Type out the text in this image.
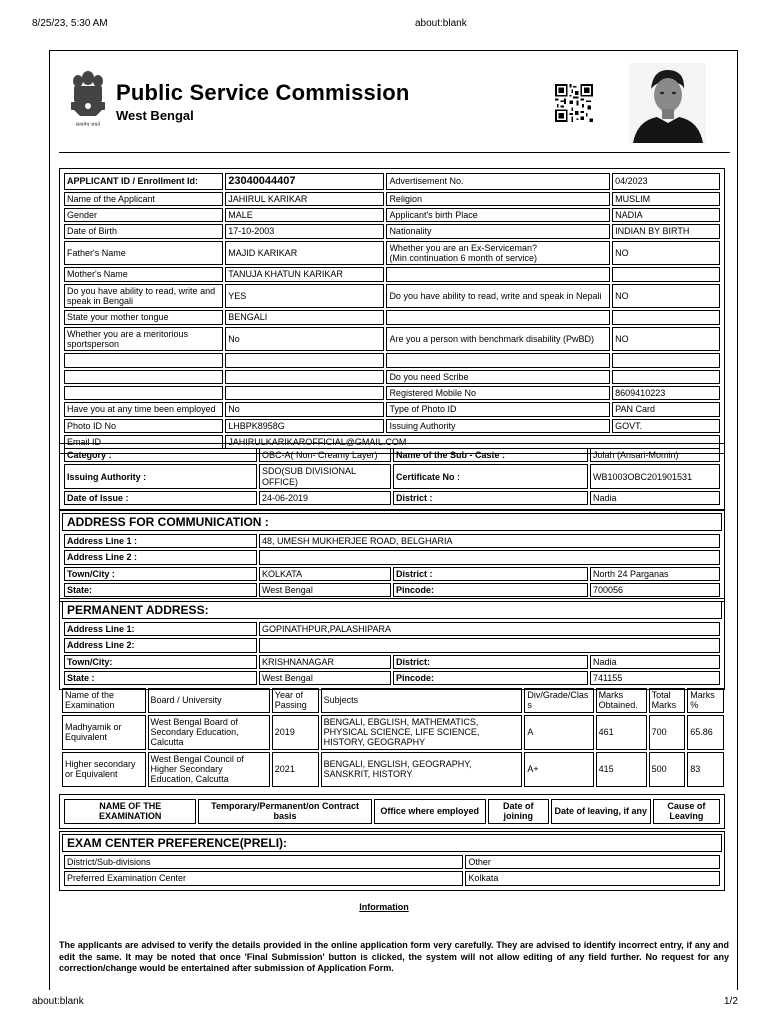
8/25/23, 5:30 AM	about:blank
सत्यमेव जयते
Public Service Commission
West Bengal
APPLICANT ID / Enrollment Id:	23040044407	Advertisement No.	04/2023
Name of the Applicant	JAHIRUL KARIKAR	Religion	MUSLIM
Gender	MALE	Applicant's birth Place	NADIA
Date of Birth	17-10-2003	Nationality	INDIAN BY BIRTH
Father's Name	MAJID KARIKAR	Whether you are an Ex-Serviceman?
(Min continuation 6 month of service)	NO
Mother's Name	TANUJA KHATUN KARIKAR		
Do you have ability to read, write and speak in Bengali	YES	Do you have ability to read, write and speak in Nepali	NO
State your mother tongue	BENGALI		
Whether you are a meritorious sportsperson	No	Are you a person with benchmark disability (PwBD)	NO

		Do you need Scribe	
		Registered Mobile No	8609410223
Have you at any time been employed	No	Type of Photo ID	PAN Card
Photo ID No	LHBPK8958G	Issuing Authority	GOVT.
Email ID	JAHIRULKARIKAROFFICIAL@GMAIL.COM		
Category :	OBC-A( Non- Creamy Layer)	Name of the Sub - Caste :	Jolah (Ansari-Momin)
Issuing Authority :	SDO(SUB DIVISIONAL OFFICE)	Certificate No :	WB1003OBC201901531
Date of Issue :	24-06-2019	District :	Nadia
ADDRESS FOR COMMUNICATION :
Address Line 1 :	48, UMESH MUKHERJEE ROAD, BELGHARIA		
Address Line 2 :			
Town/City :	KOLKATA	District :	North 24 Parganas
State:	West Bengal	Pincode:	700056
PERMANENT ADDRESS:
Address Line 1:	GOPINATHPUR,PALASHIPARA		
Address Line 2:			
Town/City:	KRISHNANAGAR	District:	Nadia
State :	West Bengal	Pincode:	741155
Name of the Examination	Board / University	Year of Passing	Subjects	Div/Grade/Class	Marks Obtained.	Total Marks	Marks%
Madhyamik or Equivalent	West Bengal Board of Secondary Education, Calcutta	2019	BENGALI, EBGLISH, MATHEMATICS, PHYSICAL SCIENCE, LIFE SCIENCE, HISTORY, GEOGRAPHY	A	461	700	65.86
Higher secondary or Equivalent	West Bengal Council of Higher Secondary Education, Calcutta	2021	BENGALI, ENGLISH, GEOGRAPHY, SANSKRIT, HISTORY	A+	415	500	83
NAME OF THE EXAMINATION	Temporary/Permanent/on Contract basis	Office where employed	Date of joining	Date of leaving, if any	Cause of Leaving
EXAM CENTER PREFERENCE(PRELI):
District/Sub-divisions	Other
Preferred Examination Center	Kolkata
Information
The applicants are advised to verify the details provided in the online application form very carefully. They are advised to identify incorrect entry, if any and edit the same. It may be noted that once 'Final Submission' button is clicked, the system will not allow editing of any field further. No request for any correction/change would be entertained after submission of Application Form.
about:blank	1/2
